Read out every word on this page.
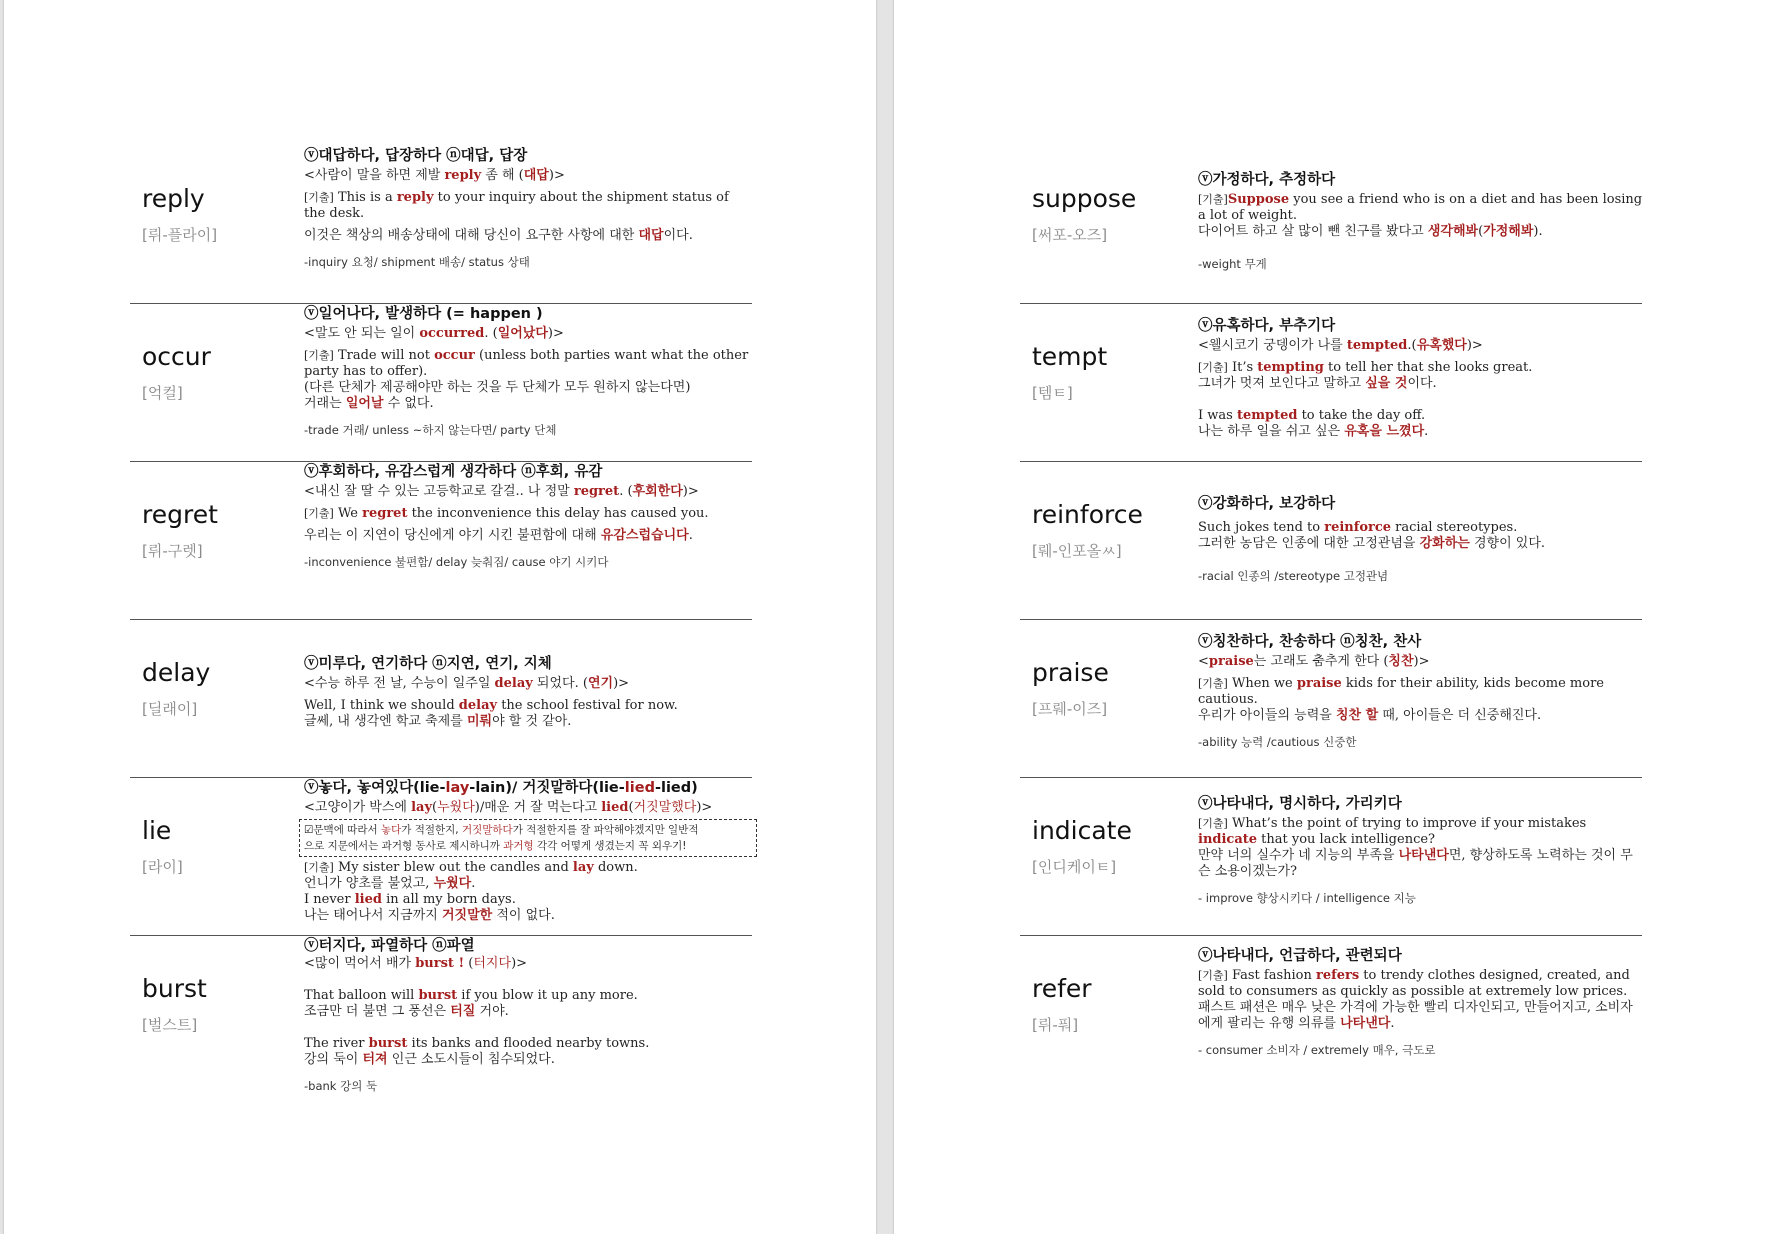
reply
[뤼-플라이]
ⓥ대답하다, 답장하다 ⓝ대답, 답장

<사람이 말을 하면 제발 reply 좀 해 (대답)>

[기출] This is a reply to your inquiry about the shipment status of the desk.

이것은 책상의 배송상태에 대해 당신이 요구한 사항에 대한 대답이다.

-inquiry 요청/ shipment 배송/ status 상태

occur
[억컬]
ⓥ일어나다, 발생하다 (= happen )

<말도 안 되는 일이 occurred. (일어났다)>

[기출] Trade will not occur (unless both parties want what the other party has to offer).

(다른 단체가 제공해야만 하는 것을 두 단체가 모두 원하지 않는다면)

거래는 일어날 수 없다.

-trade 거래/ unless ~하지 않는다면/ party 단체

regret
[뤼-구렛]
ⓥ후회하다, 유감스럽게 생각하다 ⓝ후회, 유감

<내신 잘 딸 수 있는 고등학교로 갈걸.. 나 정말 regret. (후회한다)>

[기출] We regret the inconvenience this delay has caused you.

우리는 이 지연이 당신에게 야기 시킨 불편함에 대해 유감스럽습니다.

-inconvenience 불편함/ delay 늦춰짐/ cause 야기 시키다

delay
[딜래이]
ⓥ미루다, 연기하다 ⓝ지연, 연기, 지체

<수능 하루 전 날, 수능이 일주일 delay 되었다. (연기)>

Well, I think we should delay the school festival for now.

글쎄, 내 생각엔 학교 축제를 미뤄야 할 것 같아.

lie
[라이]
ⓥ놓다, 놓여있다(lie-lay-lain)/ 거짓말하다(lie-lied-lied)

<고양이가 박스에 lay(누웠다)/매운 거 잘 먹는다고 lied(거짓말했다)>

☑문맥에 따라서 놓다가 적절한지, 거짓말하다가 적절한지를 잘 파악해야겠지만 일반적
으로 지문에서는 과거형 동사로 제시하니까 과거형 각각 어떻게 생겼는지 꼭 외우기!

[기출] My sister blew out the candles and lay down.

언니가 양초를 불었고, 누웠다.

I never lied in all my born days.

나는 태어나서 지금까지 거짓말한 적이 없다.

burst
[벌스트]
ⓥ터지다, 파열하다 ⓝ파열

<많이 먹어서 배가 burst ! (터지다)>

That balloon will burst if you blow it up any more.

조금만 더 불면 그 풍선은 터질 거야.

The river burst its banks and flooded nearby towns.

강의 둑이 터져 인근 소도시들이 침수되었다.

-bank 강의 둑

suppose
[써포-오즈]
ⓥ가정하다, 추정하다

[기출]Suppose you see a friend who is on a diet and has been losing a lot of weight.

다이어트 하고 살 많이 뺀 친구를 봤다고 생각해봐(가정해봐).

-weight 무게

tempt
[템ㅌ]
ⓥ유혹하다, 부추기다

<웰시코기 궁뎅이가 나를 tempted.(유혹했다)>

[기출] It’s tempting to tell her that she looks great.

그녀가 멋져 보인다고 말하고 싶을 것이다.

I was tempted to take the day off.

나는 하루 일을 쉬고 싶은 유혹을 느꼈다.

reinforce
[뤠-인포올ㅆ]
ⓥ강화하다, 보강하다

Such jokes tend to reinforce racial stereotypes.

그러한 농담은 인종에 대한 고정관념을 강화하는 경향이 있다.

-racial 인종의 /stereotype 고정관념

praise
[프뤠-이즈]
ⓥ칭찬하다, 찬송하다 ⓝ칭찬, 찬사

<praise는 고래도 춤추게 한다 (칭찬)>

[기출] When we praise kids for their ability, kids become more cautious.

우리가 아이들의 능력을 칭찬 할 때, 아이들은 더 신중해진다.

-ability 능력 /cautious 신중한

indicate
[인디케이ㅌ]
ⓥ나타내다, 명시하다, 가리키다

[기출] What’s the point of trying to improve if your mistakes indicate that you lack intelligence?

만약 너의 실수가 네 지능의 부족을 나타낸다면, 향상하도록 노력하는 것이 무슨 소용이겠는가?

- improve 향상시키다 / intelligence 지능

refer
[뤼-풔]
ⓥ나타내다, 언급하다, 관련되다

[기출] Fast fashion refers to trendy clothes designed, created, and sold to consumers as quickly as possible at extremely low prices.

패스트 패션은 매우 낮은 가격에 가능한 빨리 디자인되고, 만들어지고, 소비자에게 팔리는 유행 의류를 나타낸다.

- consumer 소비자 / extremely 매우, 극도로
